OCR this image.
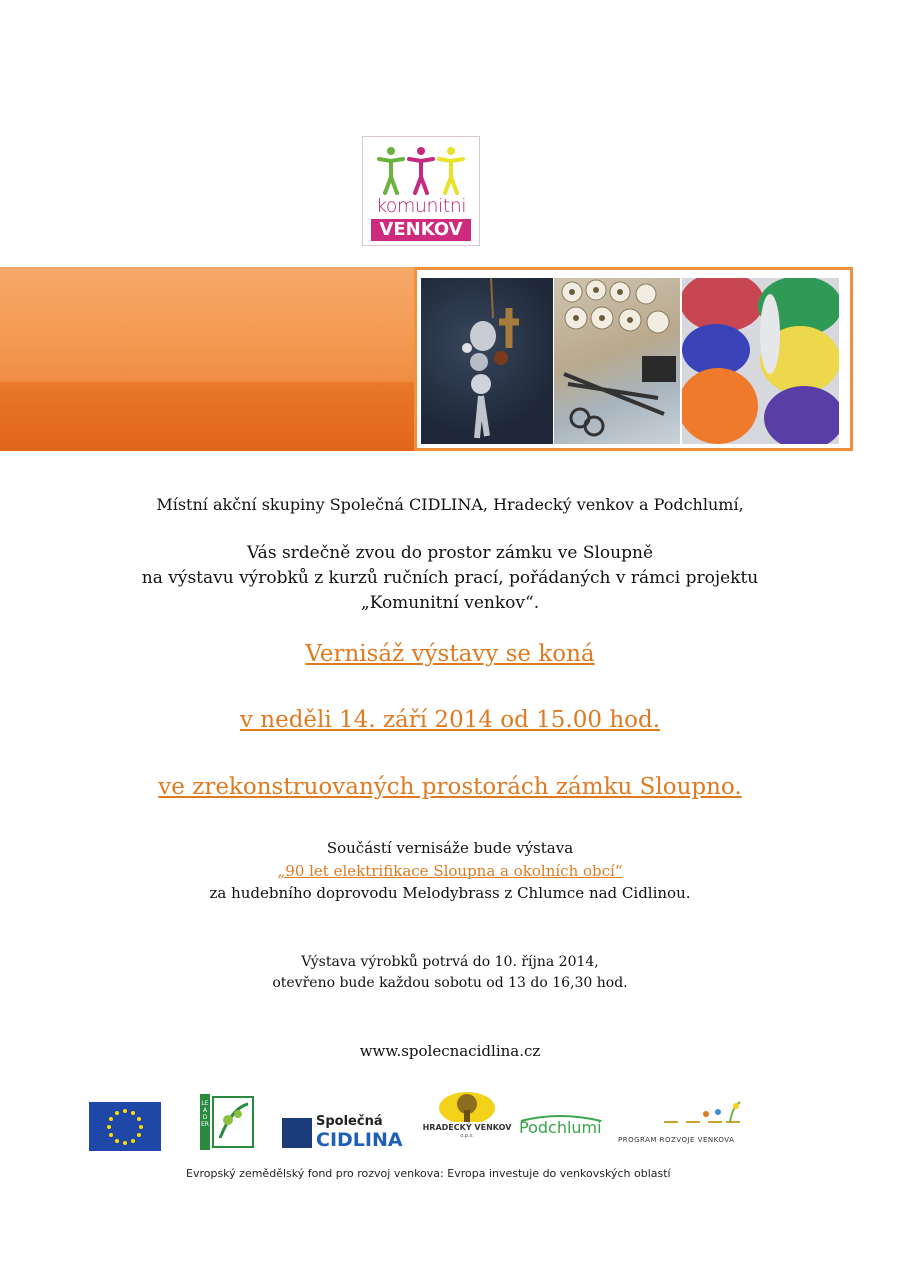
komunitni
VENKOV
Místní akční skupiny Společná CIDLINA, Hradecký venkov a Podchlumí,
Vás srdečně zvou do prostor zámku ve Sloupně
na výstavu výrobků z kurzů ručních prací, pořádaných v rámci projektu
„Komunitní venkov“.
Vernisáž výstavy se koná
v neděli 14. září 2014 od 15.00 hod.
ve zrekonstruovaných prostorách zámku Sloupno.
Součástí vernisáže bude výstava
„90 let elektrifikace Sloupna a okolních obcí“
za hudebního doprovodu Melodybrass z Chlumce nad Cidlinou.
Výstava výrobků potrvá do 10. října 2014,
otevřeno bude každou sobotu od 13 do 16,30 hod.
www.spolecnacidlina.cz
LEADER	Společná
CIDLINA
HRADECKÝ VENKOV
o.p.s.	Podchlumí
PROGRAM ROZVOJE VENKOVA
Evropský zemědělský fond pro rozvoj venkova: Evropa investuje do venkovských oblastí
